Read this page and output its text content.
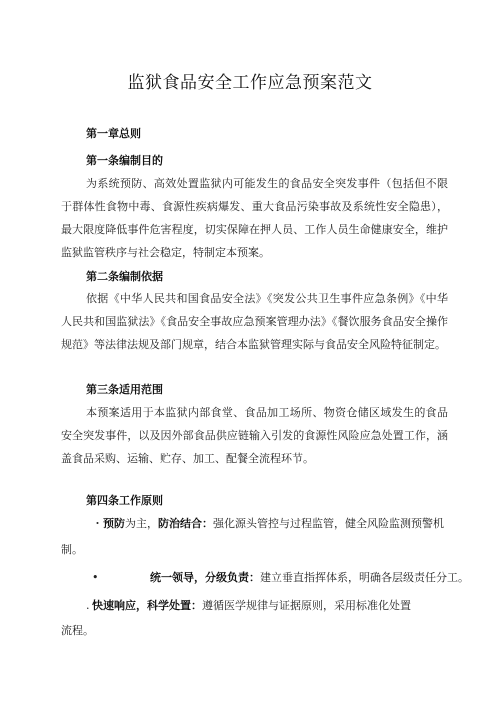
监狱食品安全工作应急预案范文
第一章总则
第一条编制目的
为系统预防、高效处置监狱内可能发生的食品安全突发事件（包括但不限于群体性食物中毒、食源性疾病爆发、重大食品污染事故及系统性安全隐患），最大限度降低事件危害程度，切实保障在押人员、工作人员生命健康安全，维护监狱监管秩序与社会稳定，特制定本预案。
第二条编制依据
依据《中华人民共和国食品安全法》《突发公共卫生事件应急条例》《中华人民共和国监狱法》《食品安全事故应急预案管理办法》《餐饮服务食品安全操作规范》等法律法规及部门规章，结合本监狱管理实际与食品安全风险特征制定。
第三条适用范围
本预案适用于本监狱内部食堂、食品加工场所、物资仓储区域发生的食品安全突发事件，以及因外部食品供应链输入引发的食源性风险应急处置工作，涵盖食品采购、运输、贮存、加工、配餐全流程环节。
第四条工作原则
・预防为主，防治结合：强化源头管控与过程监管，健全风险监测预警机
制。
•	统一领导，分级负责：建立垂直指挥体系，明确各层级责任分工。
. 快速响应，科学处置：遵循医学规律与证据原则，采用标准化处置
流程。
